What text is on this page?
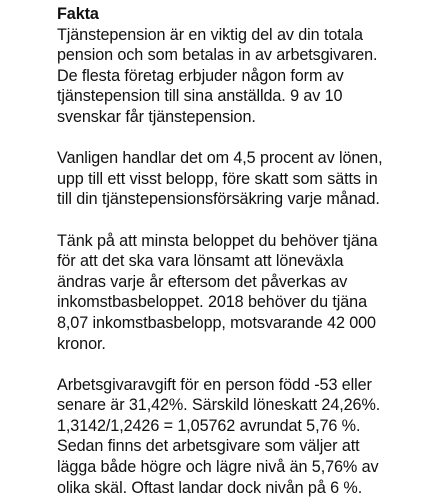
Fakta
Tjänstepension är en viktig del av din totala
pension och som betalas in av arbetsgivaren.
De flesta företag erbjuder någon form av
tjänstepension till sina anställda. 9 av 10
svenskar får tjänstepension.
Vanligen handlar det om 4,5 procent av lönen,
upp till ett visst belopp, före skatt som sätts in
till din tjänstepensionsförsäkring varje månad.
Tänk på att minsta beloppet du behöver tjäna
för att det ska vara lönsamt att löneväxla
ändras varje år eftersom det påverkas av
inkomstbasbeloppet. 2018 behöver du tjäna
8,07 inkomstbasbelopp, motsvarande 42 000
kronor.
Arbetsgivaravgift för en person född -53 eller
senare är 31,42%. Särskild löneskatt 24,26%.
1,3142/1,2426 = 1,05762 avrundat 5,76 %.
Sedan finns det arbetsgivare som väljer att
lägga både högre och lägre nivå än 5,76% av
olika skäl. Oftast landar dock nivån på 6 %.
